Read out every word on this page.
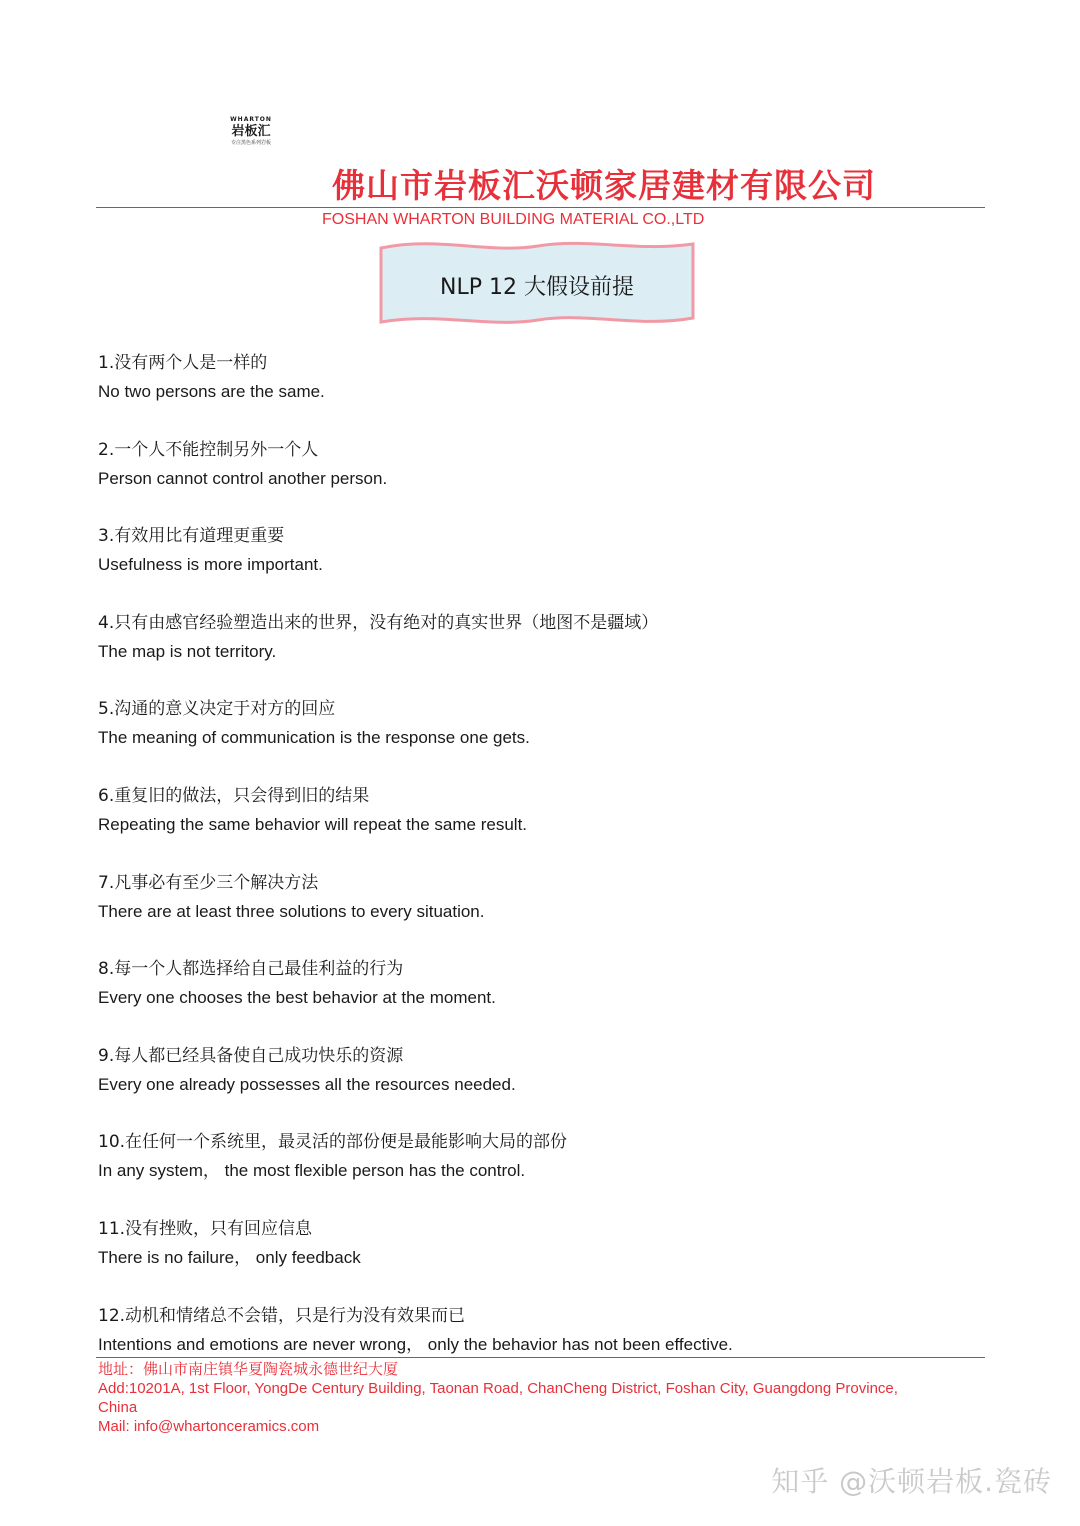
WHARTON
岩板汇
专注黑色系列岩板
佛山市岩板汇沃顿家居建材有限公司
FOSHAN WHARTON BUILDING MATERIAL CO.,LTD
NLP 12 大假设前提
1.没有两个人是一样的
No two persons are the same.
2.一个人不能控制另外一个人
Person cannot control another person.
3.有效用比有道理更重要
Usefulness is more important.
4.只有由感官经验塑造出来的世界，没有绝对的真实世界（地图不是疆域）
The map is not territory.
5.沟通的意义决定于对方的回应
The meaning of communication is the response one gets.
6.重复旧的做法，只会得到旧的结果
Repeating the same behavior will repeat the same result.
7.凡事必有至少三个解决方法
There are at least three solutions to every situation.
8.每一个人都选择给自己最佳利益的行为
Every one chooses the best behavior at the moment.
9.每人都已经具备使自己成功快乐的资源
Every one already possesses all the resources needed.
10.在任何一个系统里，最灵活的部份便是最能影响大局的部份
In any system， the most flexible person has the control.
11.没有挫败，只有回应信息
There is no failure， only feedback
12.动机和情绪总不会错，只是行为没有效果而已
Intentions and emotions are never wrong， only the behavior has not been effective.
地址：佛山市南庄镇华夏陶瓷城永德世纪大厦
Add:10201A, 1st Floor, YongDe Century Building, Taonan Road, ChanCheng District, Foshan City, Guangdong Province,
China
Mail: info@whartonceramics.com
知乎 @沃顿岩板.瓷砖
